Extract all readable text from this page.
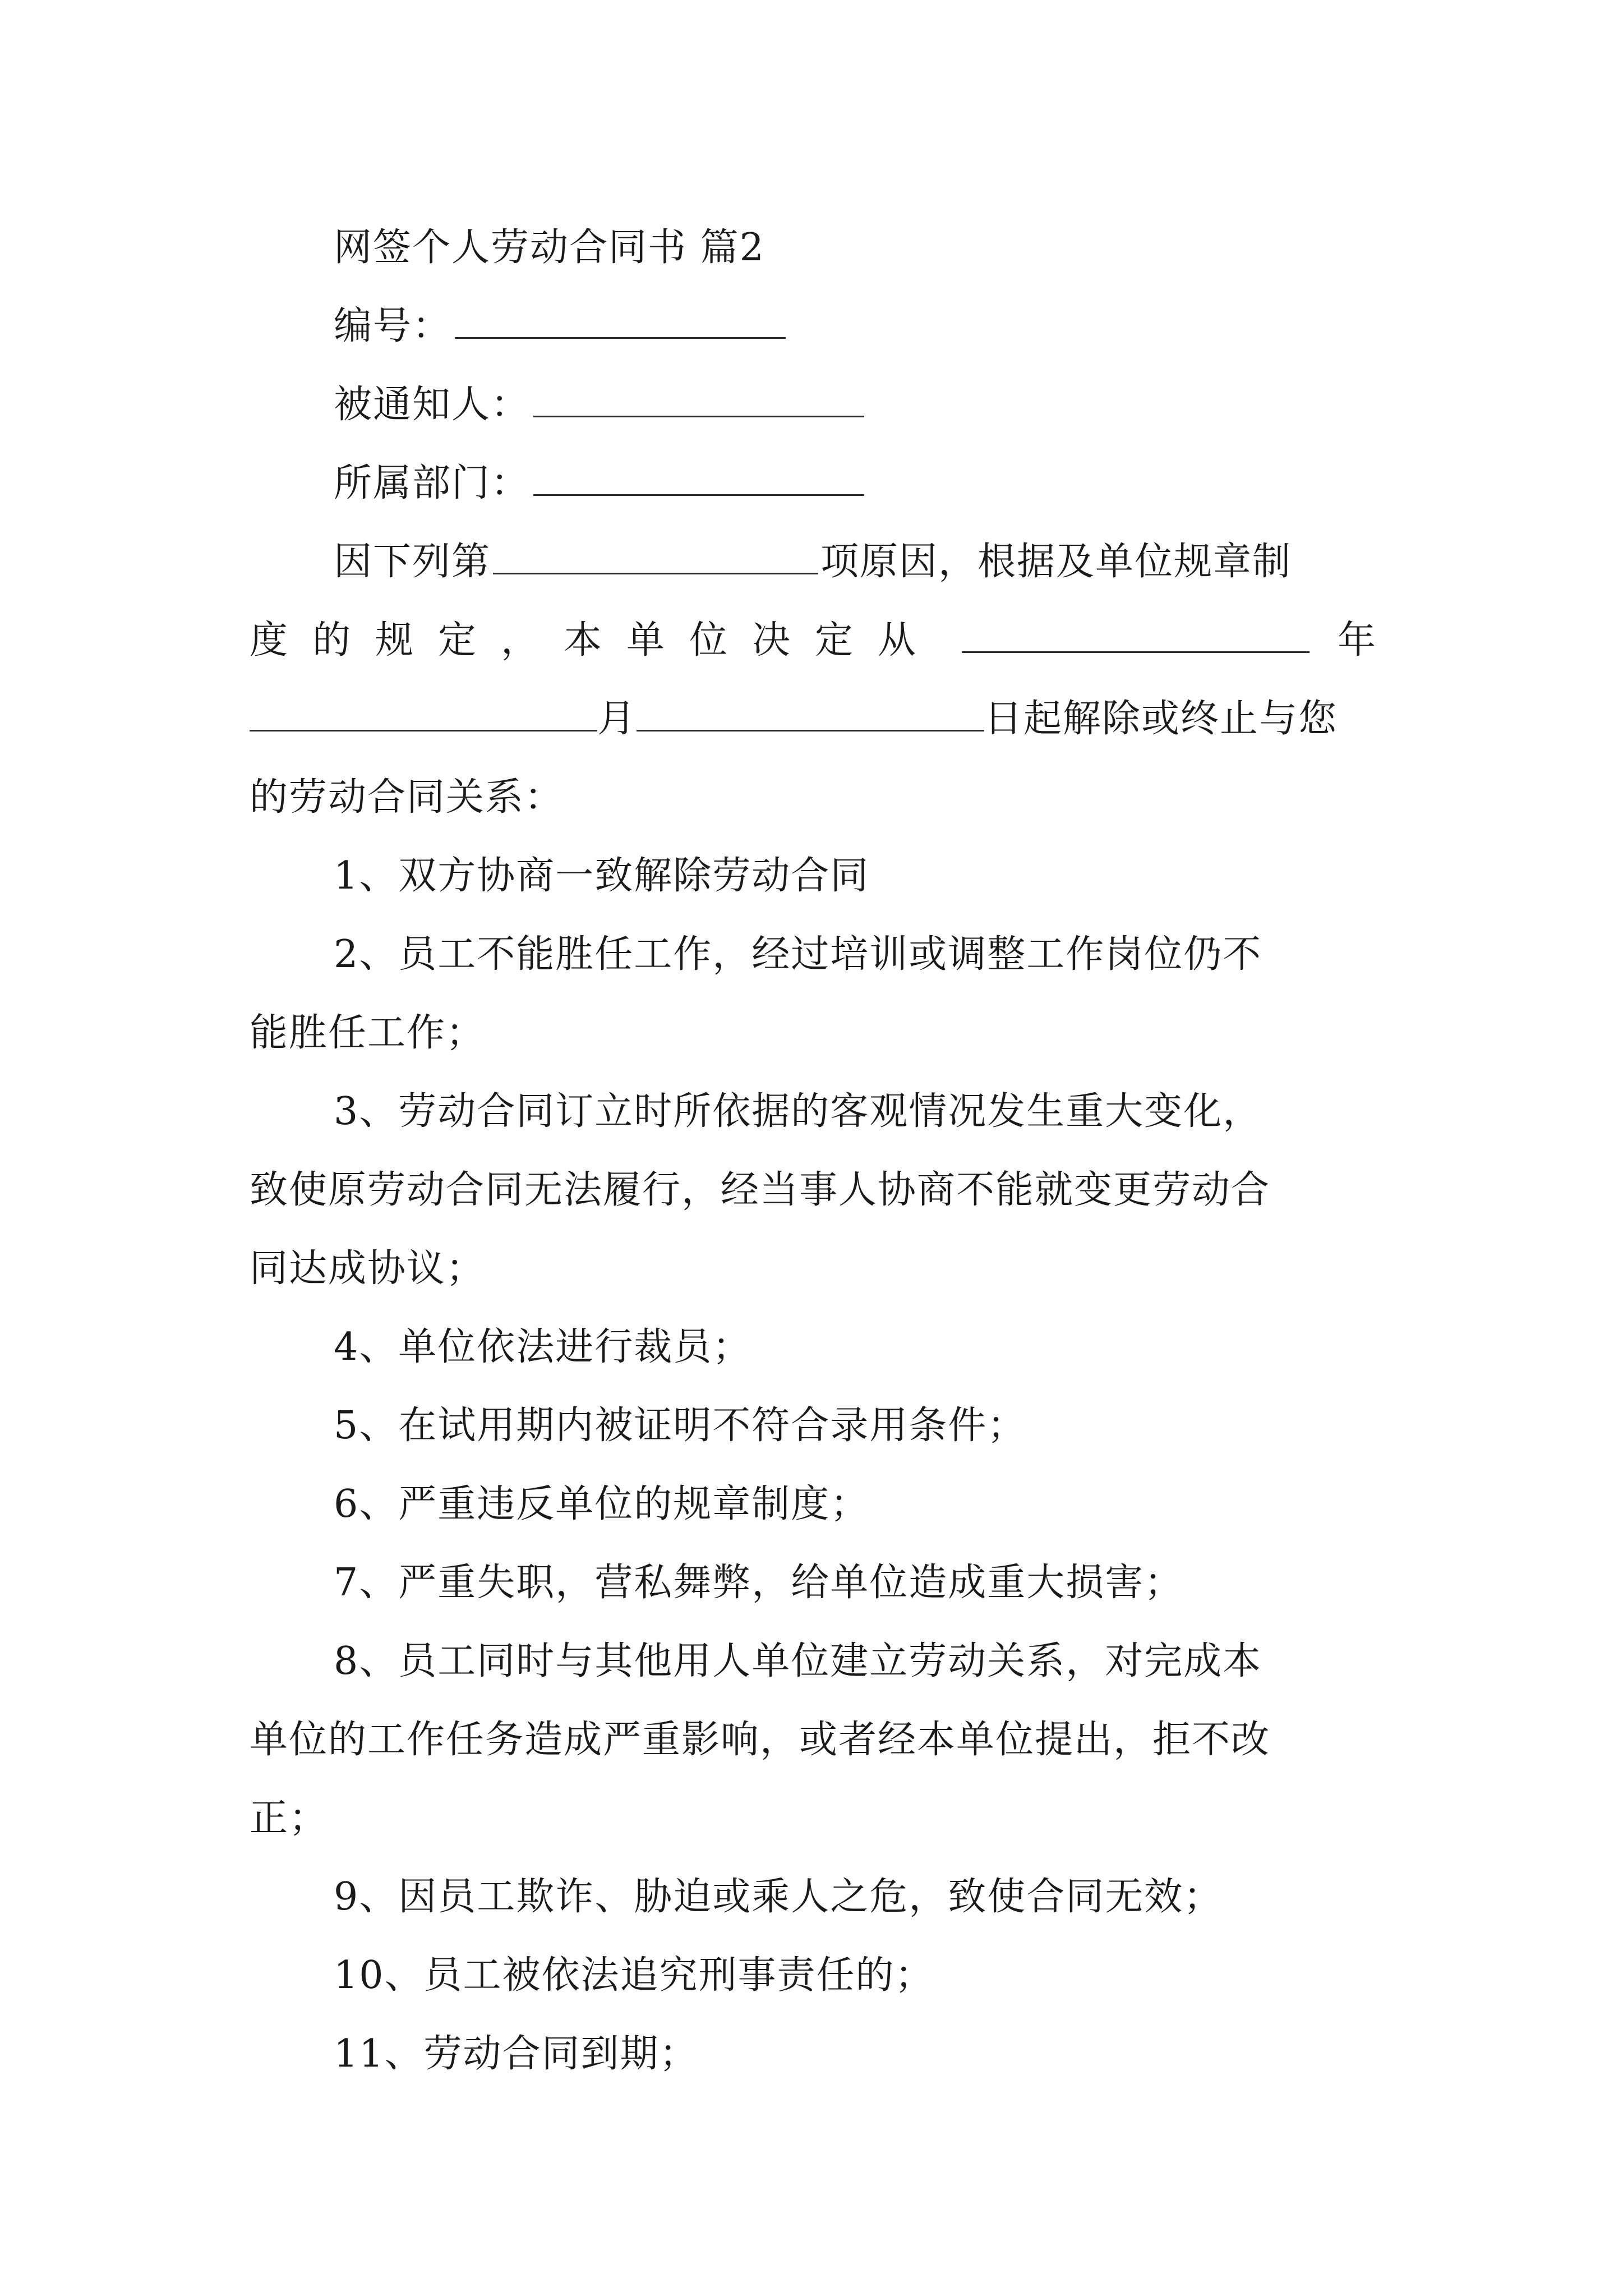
网签个人劳动合同书 篇2
编号：
被通知人：
所属部门：
因下列第	项原因，根据及单位规章制
度的规定，本单位决定从	年
月	日起解除或终止与您
的劳动合同关系：
1、双方协商一致解除劳动合同
2、员工不能胜任工作，经过培训或调整工作岗位仍不
能胜任工作；
3、劳动合同订立时所依据的客观情况发生重大变化，
致使原劳动合同无法履行，经当事人协商不能就变更劳动合
同达成协议；
4、单位依法进行裁员；
5、在试用期内被证明不符合录用条件；
6、严重违反单位的规章制度；
7、严重失职，营私舞弊，给单位造成重大损害；
8、员工同时与其他用人单位建立劳动关系，对完成本
单位的工作任务造成严重影响，或者经本单位提出，拒不改
正；
9、因员工欺诈、胁迫或乘人之危，致使合同无效；
10、员工被依法追究刑事责任的；
11、劳动合同到期；
